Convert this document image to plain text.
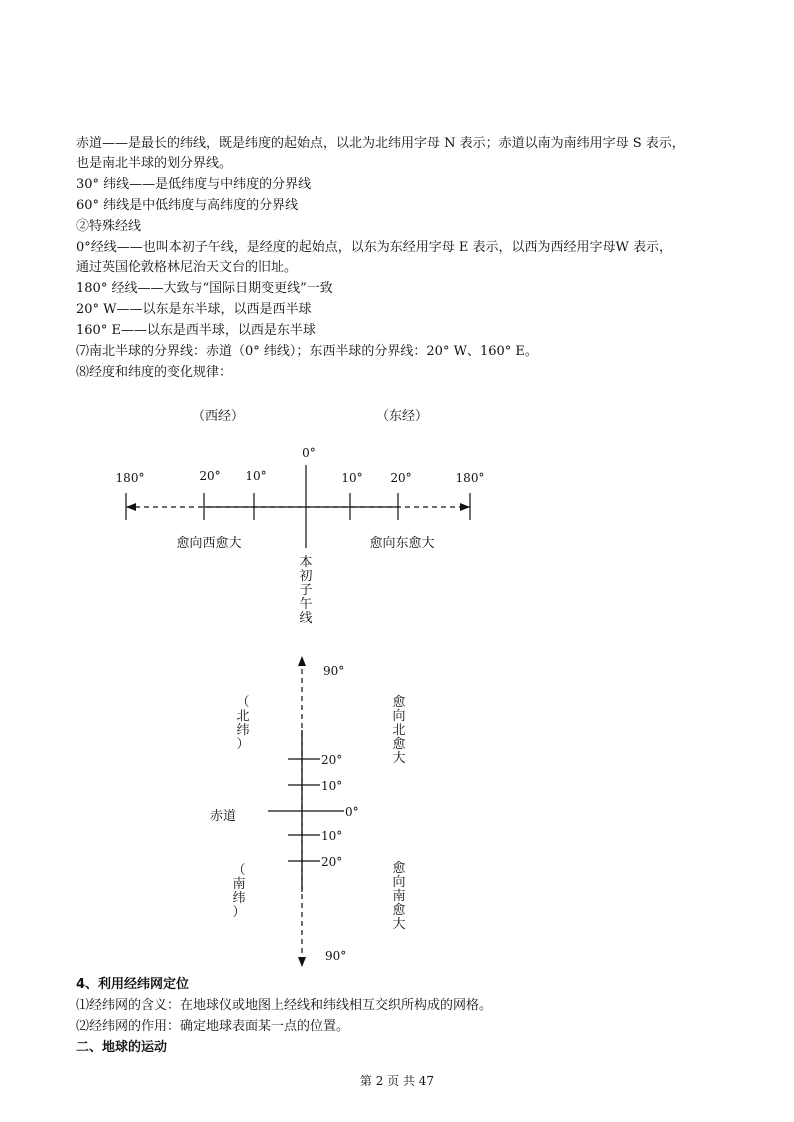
赤道——是最长的纬线，既是纬度的起始点，以北为北纬用字母 N 表示；赤道以南为南纬用字母 S 表示，
也是南北半球的划分界线。
30° 纬线——是低纬度与中纬度的分界线
60° 纬线是中低纬度与高纬度的分界线
②特殊经线
0°经线——也叫本初子午线，是经度的起始点，以东为东经用字母 E 表示，以西为西经用字母W 表示，
通过英国伦敦格林尼治天文台的旧址。
180° 经线——大致与“国际日期变更线”一致
20° W——以东是东半球，以西是西半球
160° E——以东是西半球，以西是东半球
⑺南北半球的分界线：赤道（0° 纬线）；东西半球的分界线：20° W、160° E。
⑻经度和纬度的变化规律：
（西经）	（东经）
0°
180°	20° 10°	10° 20°	180°
愈向西愈大	愈向东愈大
本
初
子
午
线
90°
20°
10°
0°
10°
20°
90°
赤道
（
北
纬
）
（
南
纬
）
愈
向
北
愈
大
愈
向
南
愈
大
4、利用经纬网定位
⑴经纬网的含义：在地球仪或地图上经线和纬线相互交织所构成的网格。
⑵经纬网的作用：确定地球表面某一点的位置。
二、地球的运动
第 2 页 共 47
